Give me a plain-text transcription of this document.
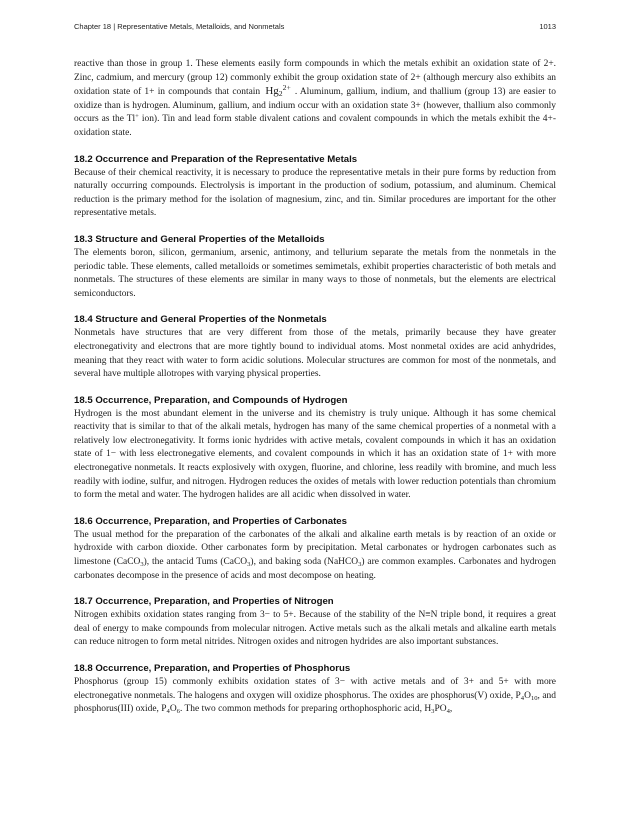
Chapter 18 | Representative Metals, Metalloids, and Nonmetals	1013

reactive than those in group 1. These elements easily form compounds in which the metals exhibit an oxidation state of 2+. Zinc, cadmium, and mercury (group 12) commonly exhibit the group oxidation state of 2+ (although mercury also exhibits an oxidation state of 1+ in compounds that contain $Hg_2^{2+}$ . Aluminum, gallium, indium, and thallium (group 13) are easier to oxidize than is hydrogen. Aluminum, gallium, and indium occur with an oxidation state 3+ (however, thallium also commonly occurs as the Tl+ ion). Tin and lead form stable divalent cations and covalent compounds in which the metals exhibit the 4+-oxidation state.

18.2 Occurrence and Preparation of the Representative Metals

Because of their chemical reactivity, it is necessary to produce the representative metals in their pure forms by reduction from naturally occurring compounds. Electrolysis is important in the production of sodium, potassium, and aluminum. Chemical reduction is the primary method for the isolation of magnesium, zinc, and tin. Similar procedures are important for the other representative metals.

18.3 Structure and General Properties of the Metalloids

The elements boron, silicon, germanium, arsenic, antimony, and tellurium separate the metals from the nonmetals in the periodic table. These elements, called metalloids or sometimes semimetals, exhibit properties characteristic of both metals and nonmetals. The structures of these elements are similar in many ways to those of nonmetals, but the elements are electrical semiconductors.

18.4 Structure and General Properties of the Nonmetals

Nonmetals have structures that are very different from those of the metals, primarily because they have greater electronegativity and electrons that are more tightly bound to individual atoms. Most nonmetal oxides are acid anhydrides, meaning that they react with water to form acidic solutions. Molecular structures are common for most of the nonmetals, and several have multiple allotropes with varying physical properties.

18.5 Occurrence, Preparation, and Compounds of Hydrogen

Hydrogen is the most abundant element in the universe and its chemistry is truly unique. Although it has some chemical reactivity that is similar to that of the alkali metals, hydrogen has many of the same chemical properties of a nonmetal with a relatively low electronegativity. It forms ionic hydrides with active metals, covalent compounds in which it has an oxidation state of 1− with less electronegative elements, and covalent compounds in which it has an oxidation state of 1+ with more electronegative nonmetals. It reacts explosively with oxygen, fluorine, and chlorine, less readily with bromine, and much less readily with iodine, sulfur, and nitrogen. Hydrogen reduces the oxides of metals with lower reduction potentials than chromium to form the metal and water. The hydrogen halides are all acidic when dissolved in water.

18.6 Occurrence, Preparation, and Properties of Carbonates

The usual method for the preparation of the carbonates of the alkali and alkaline earth metals is by reaction of an oxide or hydroxide with carbon dioxide. Other carbonates form by precipitation. Metal carbonates or hydrogen carbonates such as limestone (CaCO$_3$), the antacid Tums (CaCO$_3$), and baking soda (NaHCO$_3$) are common examples. Carbonates and hydrogen carbonates decompose in the presence of acids and most decompose on heating.

18.7 Occurrence, Preparation, and Properties of Nitrogen

Nitrogen exhibits oxidation states ranging from 3− to 5+. Because of the stability of the N≡N triple bond, it requires a great deal of energy to make compounds from molecular nitrogen. Active metals such as the alkali metals and alkaline earth metals can reduce nitrogen to form metal nitrides. Nitrogen oxides and nitrogen hydrides are also important substances.

18.8 Occurrence, Preparation, and Properties of Phosphorus

Phosphorus (group 15) commonly exhibits oxidation states of 3− with active metals and of 3+ and 5+ with more electronegative nonmetals. The halogens and oxygen will oxidize phosphorus. The oxides are phosphorus(V) oxide, $P_4O_{10}$, and phosphorus(III) oxide, $P_4O_6$. The two common methods for preparing orthophosphoric acid, $H_3PO_4$,
